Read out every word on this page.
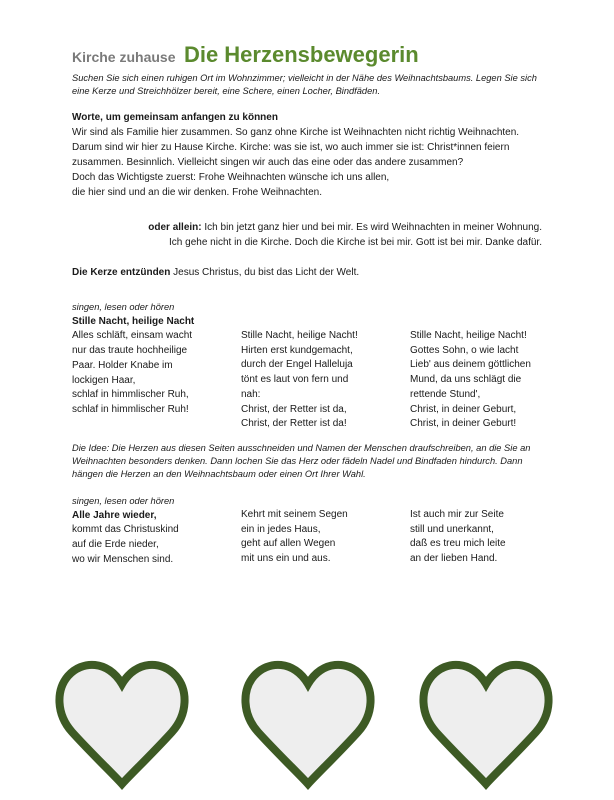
Kirche zuhause Die Herzensbewegerin
Suchen Sie sich einen ruhigen Ort im Wohnzimmer; vielleicht in der Nähe des Weihnachtsbaums. Legen Sie sich
eine Kerze und Streichhölzer bereit, eine Schere, einen Locher, Bindfäden.
Worte, um gemeinsam anfangen zu können
Wir sind als Familie hier zusammen. So ganz ohne Kirche ist Weihnachten nicht richtig Weihnachten.
Darum sind wir hier zu Hause Kirche. Kirche: was sie ist, wo auch immer sie ist: Christ*innen feiern
zusammen. Besinnlich. Vielleicht singen wir auch das eine oder das andere zusammen?
Doch das Wichtigste zuerst: Frohe Weihnachten wünsche ich uns allen,
die hier sind und an die wir denken. Frohe Weihnachten.
oder allein: Ich bin jetzt ganz hier und bei mir. Es wird Weihnachten in meiner Wohnung.
Ich gehe nicht in die Kirche. Doch die Kirche ist bei mir. Gott ist bei mir. Danke dafür.
Die Kerze entzünden Jesus Christus, du bist das Licht der Welt.
singen, lesen oder hören
Stille Nacht, heilige Nacht
Alles schläft, einsam wacht
nur das traute hochheilige
Paar. Holder Knabe im
lockigen Haar,
schlaf in himmlischer Ruh,
schlaf in himmlischer Ruh!
Stille Nacht, heilige Nacht!
Hirten erst kundgemacht,
durch der Engel Halleluja
tönt es laut von fern und
nah:
Christ, der Retter ist da,
Christ, der Retter ist da!
Stille Nacht, heilige Nacht!
Gottes Sohn, o wie lacht
Lieb' aus deinem göttlichen
Mund, da uns schlägt die
rettende Stund',
Christ, in deiner Geburt,
Christ, in deiner Geburt!
Die Idee: Die Herzen aus diesen Seiten ausschneiden und Namen der Menschen draufschreiben, an die Sie an
Weihnachten besonders denken. Dann lochen Sie das Herz oder fädeln Nadel und Bindfaden hindurch. Dann
hängen die Herzen an den Weihnachtsbaum oder einen Ort Ihrer Wahl.
singen, lesen oder hören
Alle Jahre wieder,
kommt das Christuskind
auf die Erde nieder,
wo wir Menschen sind.
Kehrt mit seinem Segen
ein in jedes Haus,
geht auf allen Wegen
mit uns ein und aus.
Ist auch mir zur Seite
still und unerkannt,
daß es treu mich leite
an der lieben Hand.
